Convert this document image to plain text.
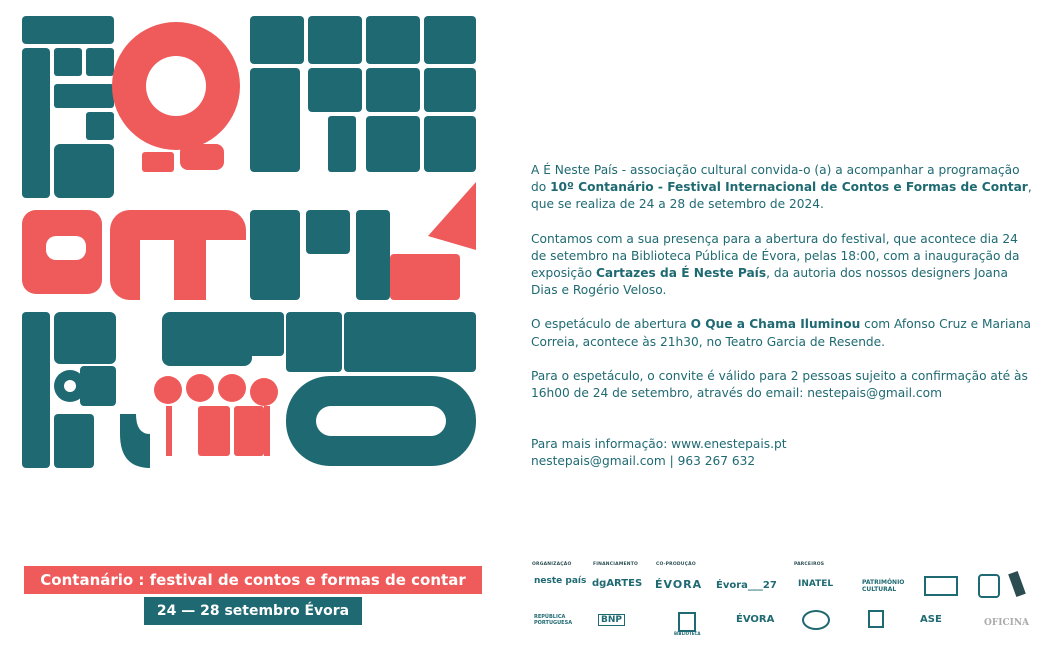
A É Neste País - associação cultural convida-o (a) a acompanhar a programação do 10º Contanário - Festival Internacional de Contos e Formas de Contar, que se realiza de 24 a 28 de setembro de 2024.

Contamos com a sua presença para a abertura do festival, que acontece dia 24 de setembro na Biblioteca Pública de Évora, pelas 18:00, com a inauguração da exposição Cartazes da É Neste País, da autoria dos nossos designers Joana Dias e Rogério Veloso.

O espetáculo de abertura O Que a Chama Iluminou com Afonso Cruz e Mariana Correia, acontece às 21h30, no Teatro Garcia de Resende.

Para o espetáculo, o convite é válido para 2 pessoas sujeito a confirmação até às 16h00 de 24 de setembro, através do email: nestepais@gmail.com

Para mais informação: www.enestepais.pt
nestepais@gmail.com | 963 267 632
Contanário : festival de contos e formas de contar
24 — 28 setembro Évora
ORGANIZAÇÃO	FINANCIAMENTO	CO-PRODUÇÃO	PARCEIROS
neste país dgARTES ÉVORA Évora___27 INATEL	PATRIMÓNIO CULTURAL
REPÚBLICA PORTUGUESA	BNP
BIBLIOTECA
ÉVORA	ASE	OFICINA
